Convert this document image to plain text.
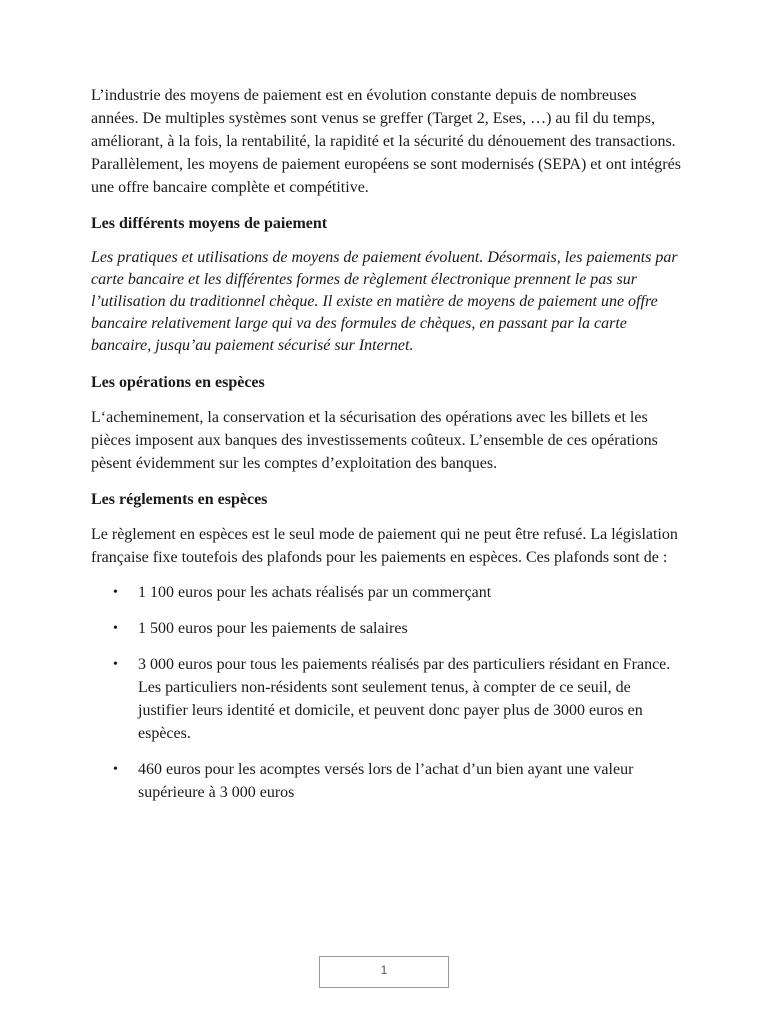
L’industrie des moyens de paiement est en évolution constante depuis de nombreuses années. De multiples systèmes sont venus se greffer (Target 2, Eses, …) au fil du temps, améliorant, à la fois, la rentabilité, la rapidité et la sécurité du dénouement des transactions. Parallèlement, les moyens de paiement européens se sont modernisés (SEPA) et ont intégrés une offre bancaire complète et compétitive.

Les différents moyens de paiement

Les pratiques et utilisations de moyens de paiement évoluent. Désormais, les paiements par carte bancaire et les différentes formes de règlement électronique prennent le pas sur l’utilisation du traditionnel chèque. Il existe en matière de moyens de paiement une offre bancaire relativement large qui va des formules de chèques, en passant par la carte bancaire, jusqu’au paiement sécurisé sur Internet.

Les opérations en espèces

L‘acheminement, la conservation et la sécurisation des opérations avec les billets et les pièces imposent aux banques des investissements coûteux. L’ensemble de ces opérations pèsent évidemment sur les comptes d’exploitation des banques.

Les réglements en espèces

Le règlement en espèces est le seul mode de paiement qui ne peut être refusé. La législation française fixe toutefois des plafonds pour les paiements en espèces. Ces plafonds sont de :

• 1 100 euros pour les achats réalisés par un commerçant
• 1 500 euros pour les paiements de salaires
• 3 000 euros pour tous les paiements réalisés par des particuliers résidant en France. Les particuliers non-résidents sont seulement tenus, à compter de ce seuil, de justifier leurs identité et domicile, et peuvent donc payer plus de 3000 euros en espèces.
• 460 euros pour les acomptes versés lors de l’achat d’un bien ayant une valeur supérieure à 3 000 euros
1
